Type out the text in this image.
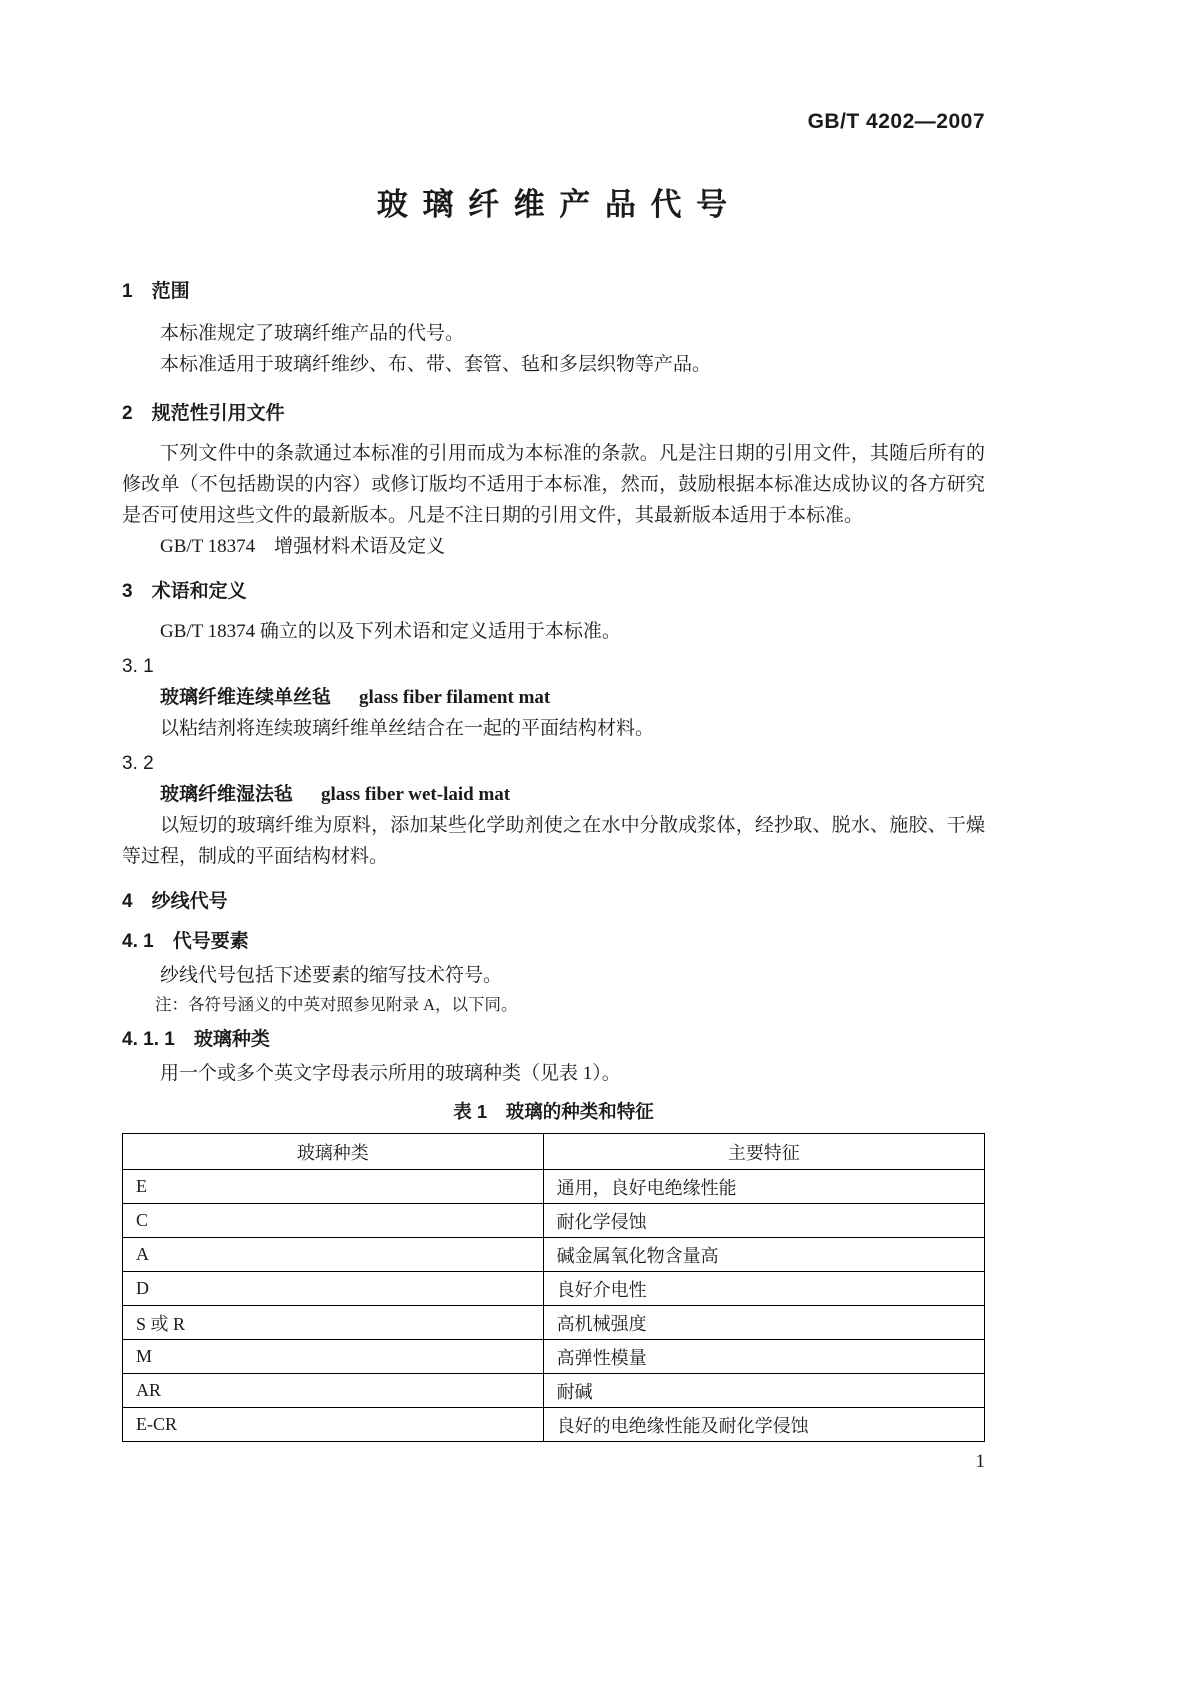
GB/T 4202—2007
玻 璃 纤 维 产 品 代 号
1　范围

本标准规定了玻璃纤维产品的代号。

本标准适用于玻璃纤维纱、布、带、套管、毡和多层织物等产品。

2　规范性引用文件

下列文件中的条款通过本标准的引用而成为本标准的条款。凡是注日期的引用文件，其随后所有的修改单（不包括勘误的内容）或修订版均不适用于本标准，然而，鼓励根据本标准达成协议的各方研究是否可使用这些文件的最新版本。凡是不注日期的引用文件，其最新版本适用于本标准。

GB/T 18374　增强材料术语及定义

3　术语和定义

GB/T 18374 确立的以及下列术语和定义适用于本标准。

3. 1

玻璃纤维连续单丝毡 glass fiber filament mat

以粘结剂将连续玻璃纤维单丝结合在一起的平面结构材料。

3. 2

玻璃纤维湿法毡 glass fiber wet-laid mat

以短切的玻璃纤维为原料，添加某些化学助剂使之在水中分散成浆体，经抄取、脱水、施胶、干燥等过程，制成的平面结构材料。

4　纱线代号
4. 1　代号要素

纱线代号包括下述要素的缩写技术符号。

注：各符号涵义的中英对照参见附录 A，以下同。

4. 1. 1　玻璃种类

用一个或多个英文字母表示所用的玻璃种类（见表 1）。

表 1　玻璃的种类和特征
玻璃种类	主要特征
E	通用，良好电绝缘性能
C	耐化学侵蚀
A	碱金属氧化物含量高
D	良好介电性
S 或 R	高机械强度
M	高弹性模量
AR	耐碱
E-CR	良好的电绝缘性能及耐化学侵蚀
1
